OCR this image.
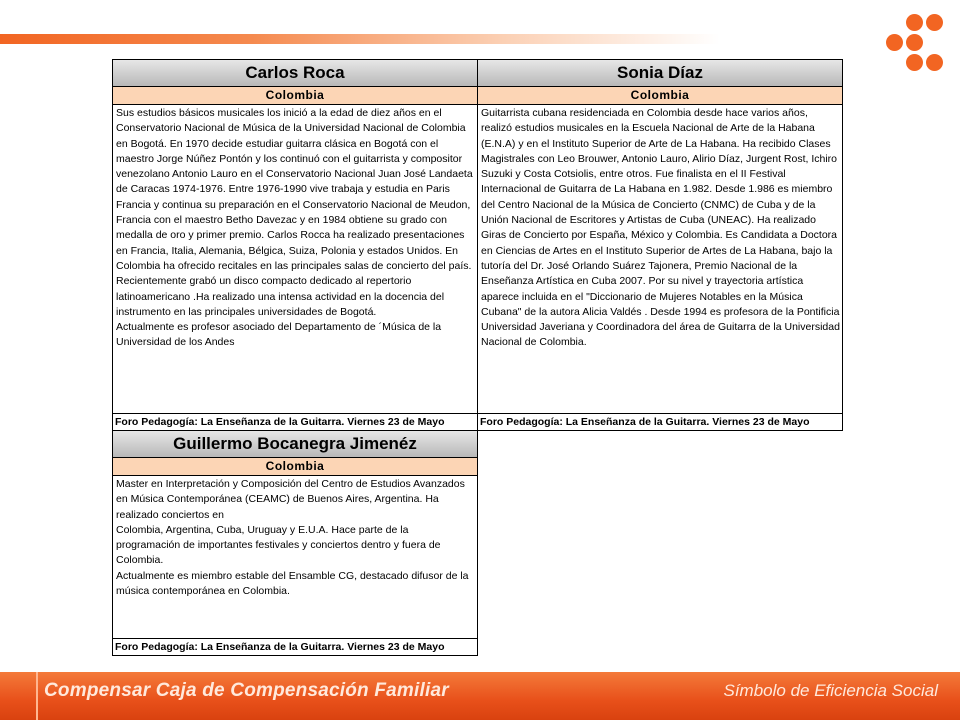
Carlos Roca
Colombia
Sus estudios básicos musicales los inició a la edad de diez años en el Conservatorio Nacional de Música de la Universidad Nacional de Colombia en Bogotá. En 1970 decide estudiar guitarra clásica en Bogotá con el maestro Jorge Núñez Pontón y los continuó con el guitarrista y compositor venezolano Antonio Lauro en el Conservatorio Nacional Juan José Landaeta de Caracas 1974-1976. Entre 1976-1990 vive trabaja y estudia en Paris Francia y continua su preparación en el Conservatorio Nacional de Meudon, Francia con el maestro Betho Davezac y en 1984 obtiene su grado con medalla de oro y primer premio. Carlos Rocca ha realizado presentaciones en Francia, Italia, Alemania, Bélgica, Suiza, Polonia y estados Unidos. En Colombia ha ofrecido recitales en las principales salas de concierto del país. Recientemente grabó un disco compacto dedicado al repertorio latinoamericano .Ha realizado una intensa actividad en la docencia del instrumento en las principales universidades de Bogotá.
Actualmente es profesor asociado del Departamento de ´Música de la Universidad de los Andes
Foro Pedagogía: La Enseñanza de la Guitarra. Viernes 23 de Mayo
Sonia Díaz
Colombia
Guitarrista cubana residenciada en Colombia desde hace varios años, realizó estudios musicales en la Escuela Nacional de Arte de la Habana (E.N.A) y en el Instituto Superior de Arte de La Habana. Ha recibido Clases Magistrales con Leo Brouwer, Antonio Lauro, Alirio Díaz, Jurgent Rost, Ichiro Suzuki y Costa Cotsiolis, entre otros. Fue finalista en el II Festival Internacional de Guitarra de La Habana en 1.982. Desde 1.986 es miembro del Centro Nacional de la Música de Concierto (CNMC) de Cuba y de la Unión Nacional de Escritores y Artistas de Cuba (UNEAC). Ha realizado Giras de Concierto por España, México y Colombia. Es Candidata a Doctora en Ciencias de Artes en el Instituto Superior de Artes de La Habana, bajo la tutoría del Dr. José Orlando Suárez Tajonera, Premio Nacional de la Enseñanza Artística en Cuba 2007. Por su nivel y trayectoria artística aparece incluida en el "Diccionario de Mujeres Notables en la Música Cubana" de la autora Alicia Valdés . Desde 1994 es profesora de la Pontificia Universidad Javeriana y Coordinadora del área de Guitarra de la Universidad Nacional de Colombia.
Foro Pedagogía: La Enseñanza de la Guitarra. Viernes 23 de Mayo
Guillermo Bocanegra Jimenéz
Colombia
Master en Interpretación y Composición del Centro de Estudios Avanzados en Música Contemporánea (CEAMC) de Buenos Aires, Argentina. Ha realizado conciertos en
Colombia, Argentina, Cuba, Uruguay y E.U.A. Hace parte de la programación de importantes festivales y conciertos dentro y fuera de Colombia.
Actualmente es miembro estable del Ensamble CG, destacado difusor de la música contemporánea en Colombia.
Foro Pedagogía: La Enseñanza de la Guitarra. Viernes 23 de Mayo
Compensar Caja de Compensación Familiar	Símbolo de Eficiencia Social
